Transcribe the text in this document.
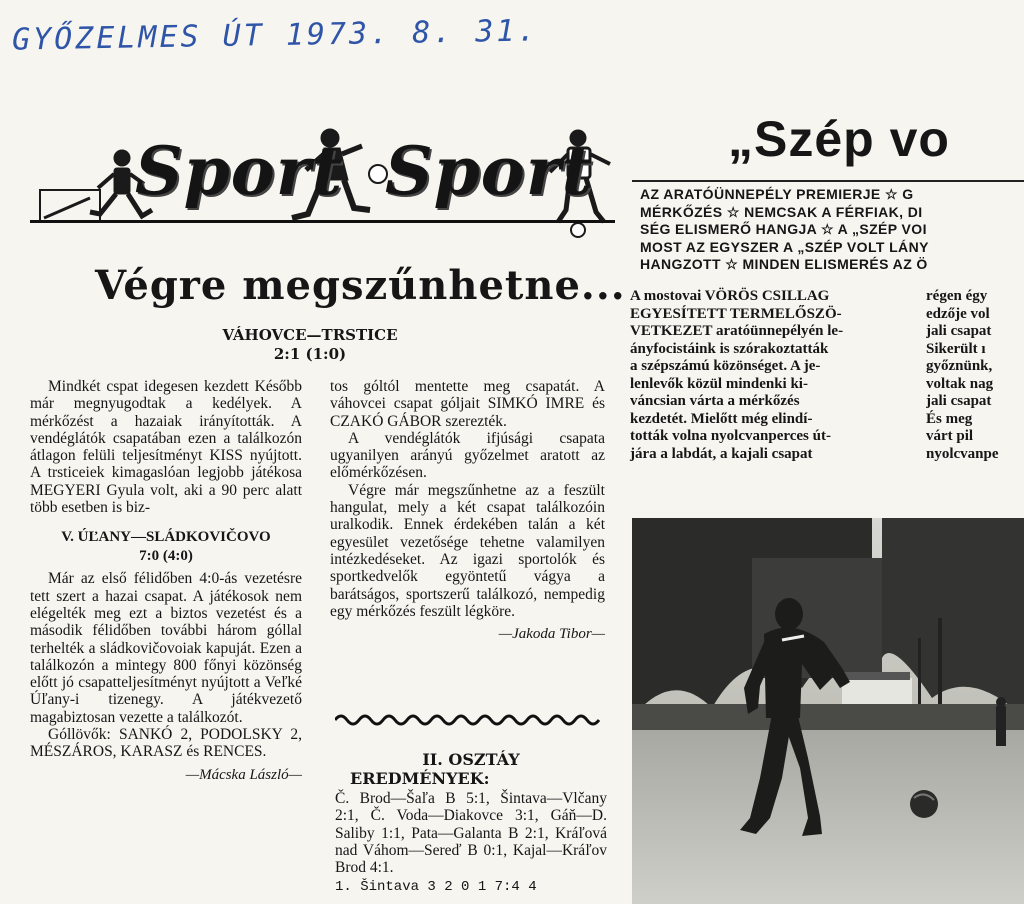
GYŐZELMES ÚT 1973. 8. 31.
Sport Sport
Végre megszűnhetne...
VÁHOVCE—TRSTICE
2:1 (1:0)

Mindkét cspat idegesen kezdett Később már megnyugodtak a kedélyek. A mérkőzést a hazaiak irányították. A vendéglátók csapatában ezen a találkozón átlagon felüli teljesítményt KISS nyújtott. A trsticeiek kimagaslóan legjobb játékosa MEGYERI Gyula volt, aki a 90 perc alatt több esetben is biz-

V. ÚĽANY—SLÁDKOVIČOVO
7:0 (4:0)

Már az első félidőben 4:0-ás vezetésre tett szert a hazai csapat. A játékosok nem elégelték meg ezt a biztos vezetést és a második félidőben további három góllal terhelték a sládkovičovoiak kapuját. Ezen a találkozón a mintegy 800 főnyi közönség előtt jó csapatteljesítményt nyújtott a Veľké Úľany-i tizenegy. A játékvezető magabiztosan vezette a találkozót.

Góllövők: SANKÓ 2, PODOLSKY 2, MÉSZÁROS, KARASZ és RENCES.

—Mácska László—

tos góltól mentette meg csapatát. A váhovcei csapat góljait SIMKÓ IMRE és CZAKÓ GÁBOR szerezték.

A vendéglátók ifjúsági csapata ugyanilyen arányú győzelmet aratott az előmérkőzésen.

Végre már megszűnhetne az a feszült hangulat, mely a két csapat találkozóin uralkodik. Ennek érdekében talán a két egyesület vezetősége tehetne valamilyen intézkedéseket. Az igazi sportolók és sportkedvelők egyöntetű vágya a barátságos, sportszerű találkozó, nempedig egy mérkőzés feszült légköre.

—Jakoda Tibor—
II. OSZTÁY
EREDMÉNYEK:
Č. Brod—Šaľa B 5:1, Šintava—Vlčany 2:1, Č. Voda—Diakovce 3:1, Gáň—D. Saliby 1:1, Pata—Galanta B 2:1, Kráľová nad Váhom—Sereď B 0:1, Kajal—Kráľov Brod 4:1.
1. Šintava 3 2 0 1 7:4 4
„Szép vo
AZ ARATÓÜNNEPÉLY PREMIERJE ☆ G
MÉRKŐZÉS ☆ NEMCSAK A FÉRFIAK, DI
SÉG ELISMERŐ HANGJA ☆ A „SZÉP VOI
MOST AZ EGYSZER A „SZÉP VOLT LÁNY
HANGZOTT ☆ MINDEN ELISMERÉS AZ Ö
A mostovai VÖRÖS CSILLAG
EGYESÍTETT TERMELŐSZÖ-
VETKEZET aratóünnepélyén le-
ányfocistáink is szórakoztatták
a szépszámú közönséget. A je-
lenlevők közül mindenki ki-
váncsian várta a mérkőzés
kezdetét. Mielőtt még elindí-
tották volna nyolcvanperces út-
jára a labdát, a kajali csapat
régen égy
edzője vol
jali csapat
Sikerült ı
győznünk,
voltak nag
jali csapat
És meg
várt pil
nyolcvanpe
